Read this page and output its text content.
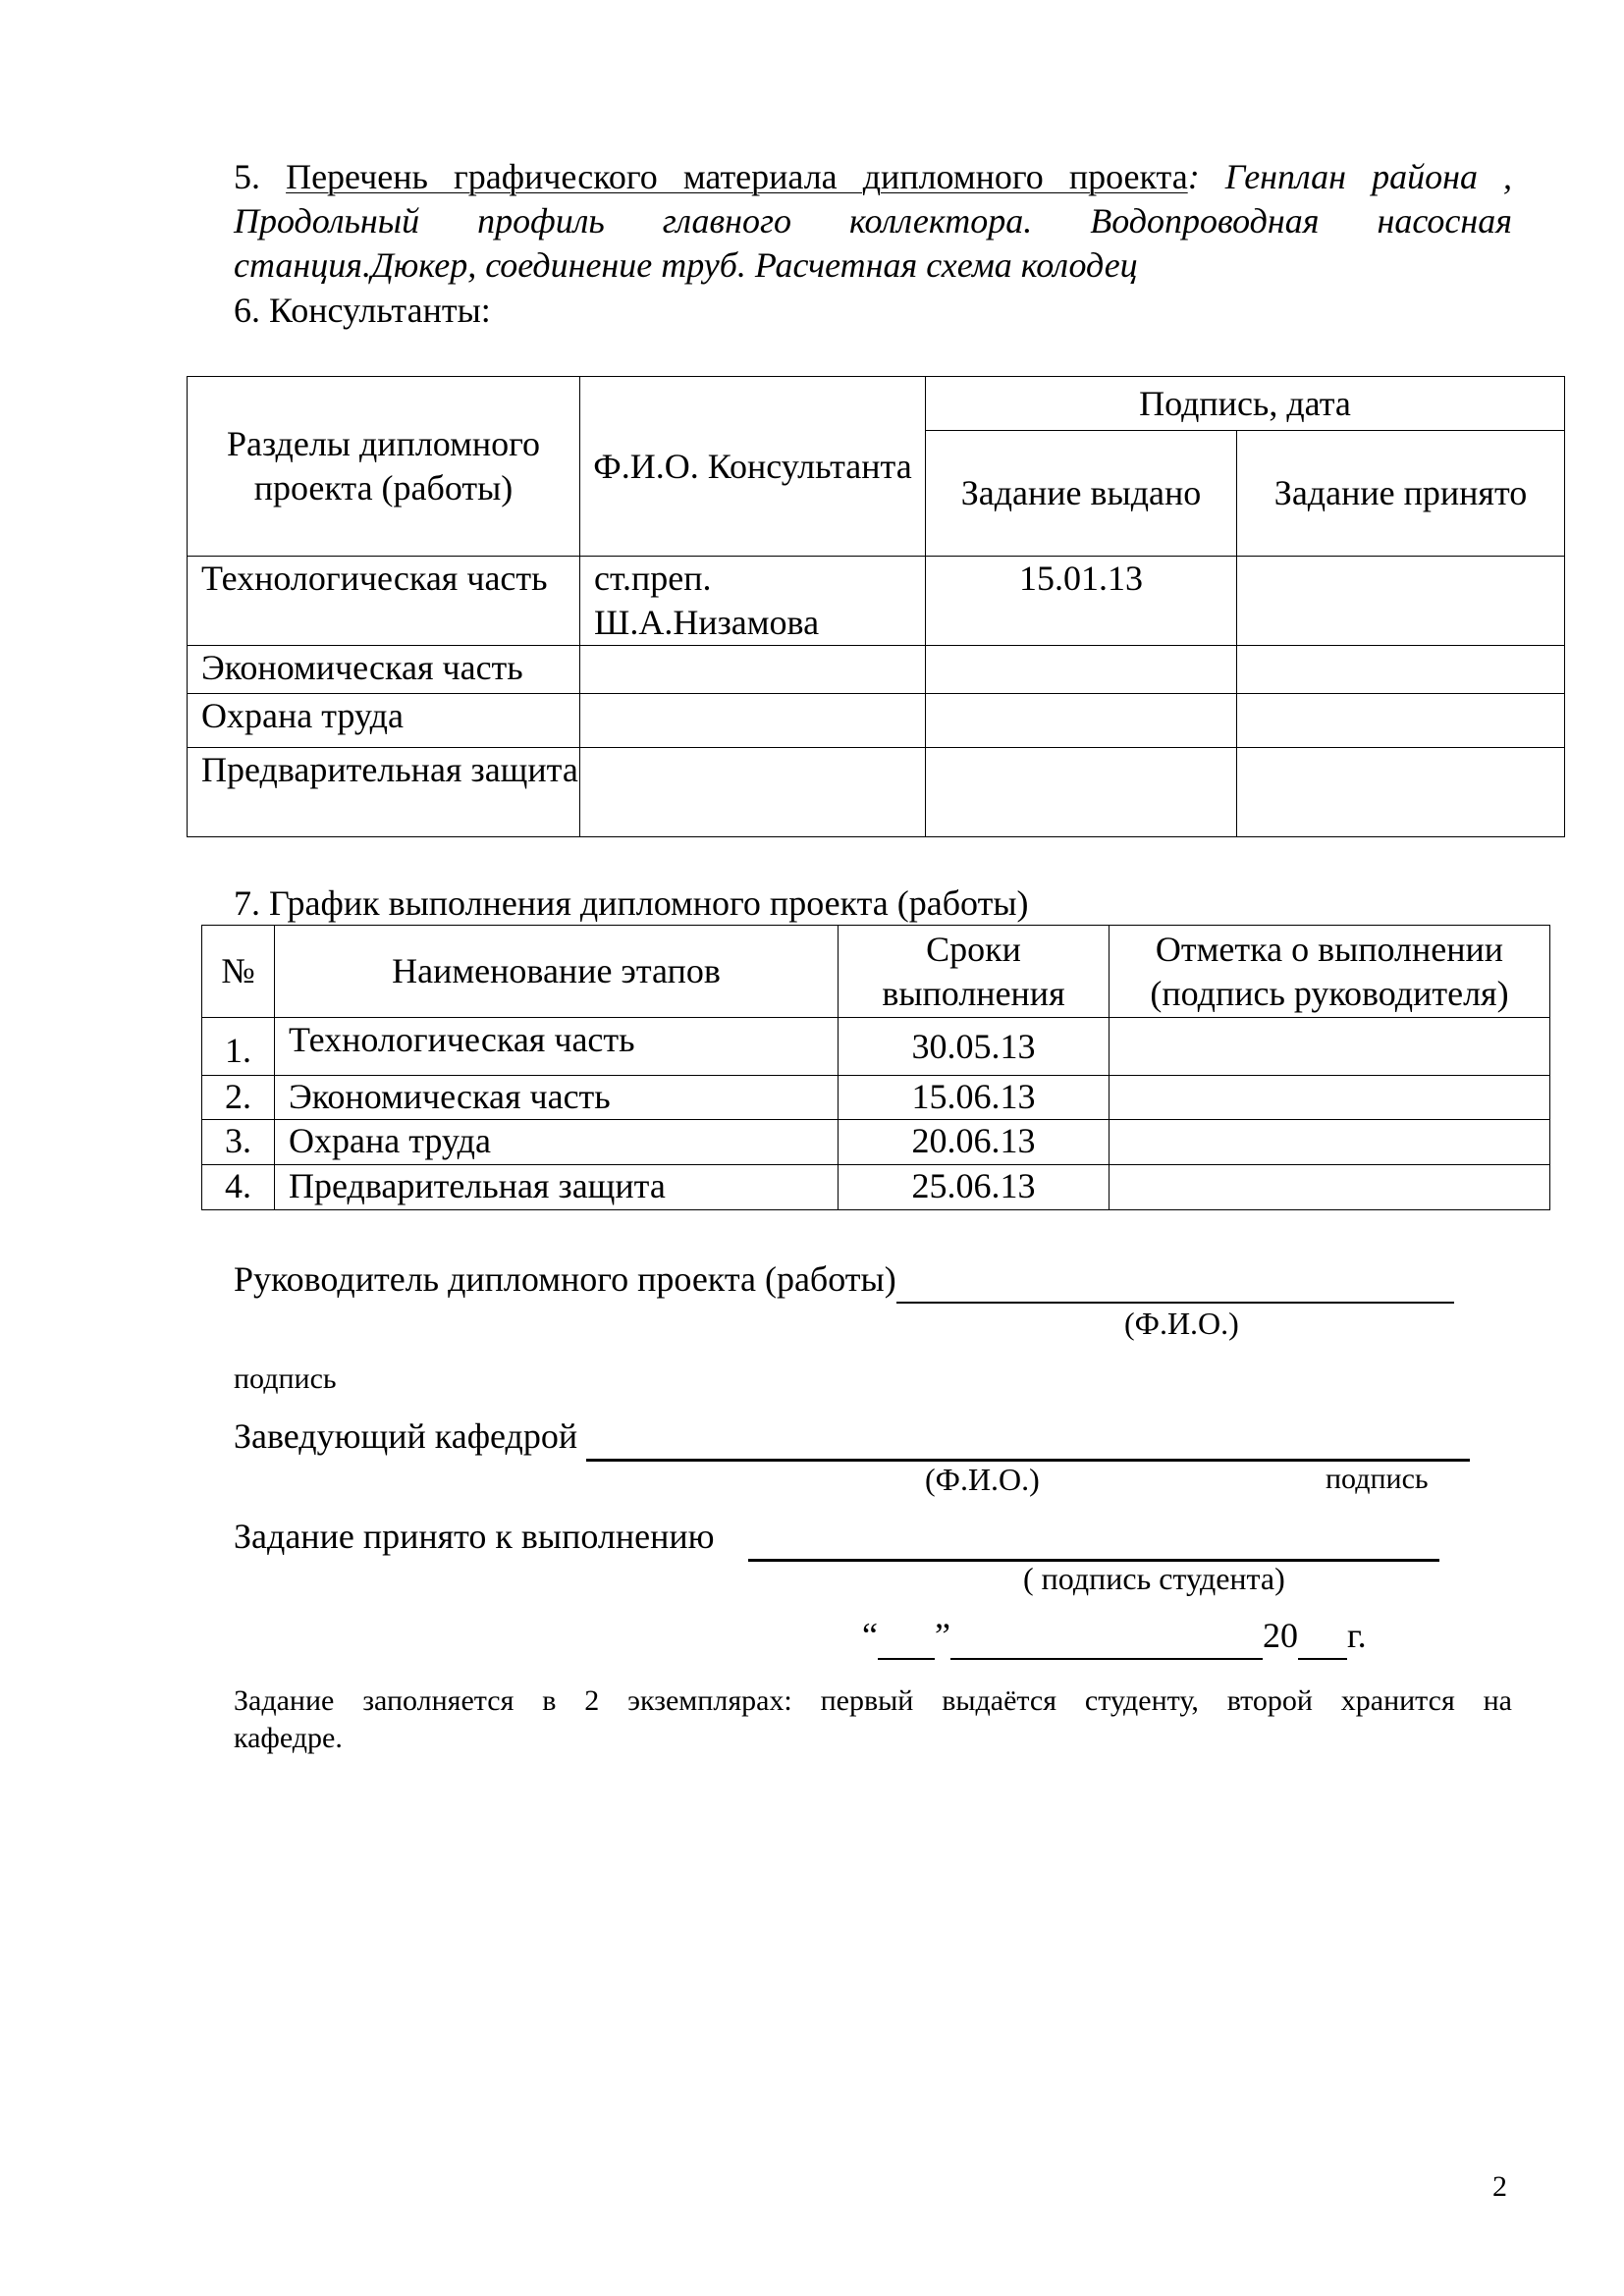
5. Перечень графического материала дипломного проекта: Генплан района ,
Продольный профиль главного коллектора. Водопроводная насосная
станция.Дюкер, соединение труб. Расчетная схема колодец
6. Консультанты:
Разделы дипломного проекта (работы)	Ф.И.О. Консультанта	Подпись, дата	
		Задание выдано	Задание принято
Технологическая часть	ст.преп. Ш.А.Низамова	15.01.13	
Экономическая часть			
Охрана труда			
Предварительная защита			
7. График выполнения дипломного проекта (работы)
№	Наименование этапов	Сроки выполнения	Отметка о выполнении (подпись руководителя)
1.	Технологическая часть	30.05.13	
2.	Экономическая часть	15.06.13	
3.	Охрана труда	20.06.13	
4.	Предварительная защита	25.06.13	
Руководитель дипломного проекта (работы)
(Ф.И.О.)
подпись
Заведующий кафедрой
(Ф.И.О.)	подпись
Задание принято к выполнению
( подпись студента)
“ ”	20 г.
Задание заполняется в 2 экземплярах: первый выдаётся студенту, второй хранится на
кафедре.
2
